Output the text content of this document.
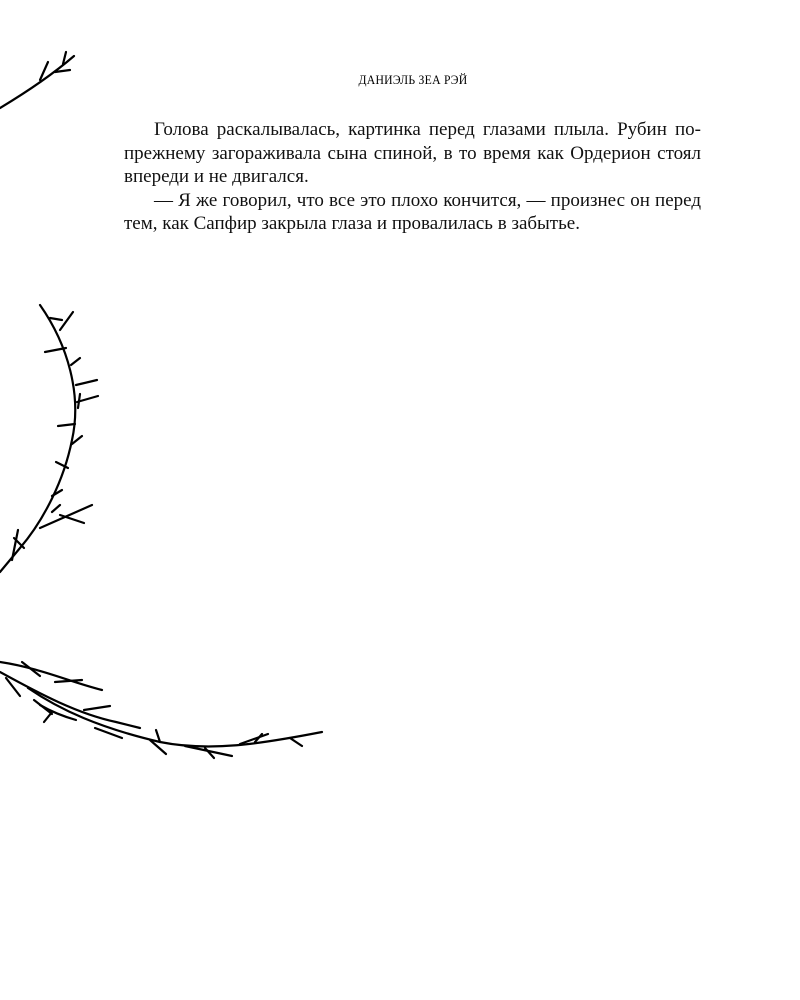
ДАНИЭЛЬ ЗЕА РЭЙ

Голова раскалывалась, картинка перед глазами плыла. Рубин по-прежнему загораживала сына спиной, в то время как Ордерион стоял впереди и не двигался.

— Я же говорил, что все это плохо кончится, — произнес он перед тем, как Сапфир закрыла глаза и провалилась в забытье.
